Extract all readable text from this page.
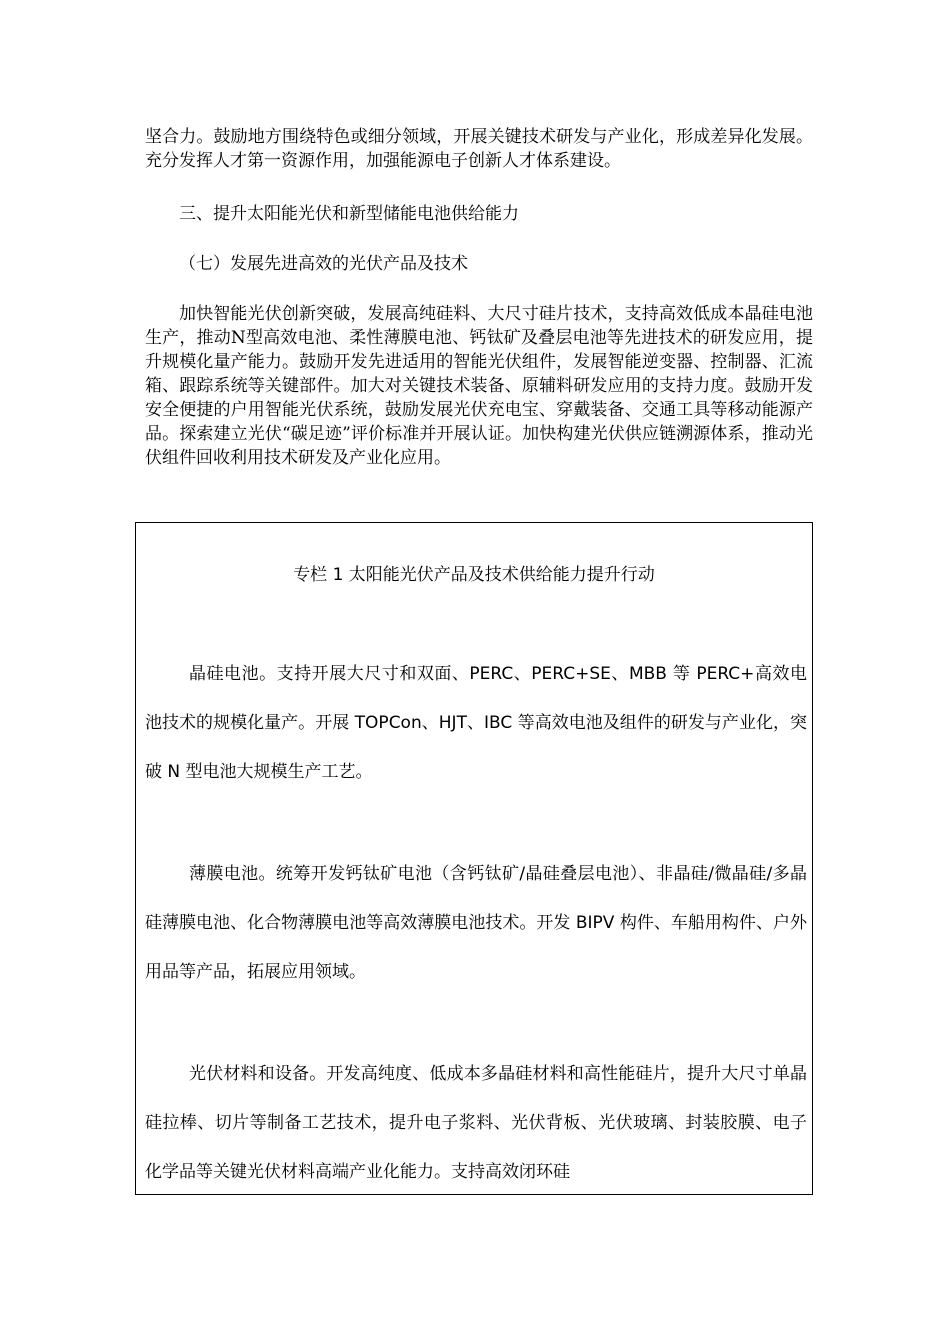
坚合力。鼓励地方围绕特色或细分领域，开展关键技术研发与产业化，形成差异化发展。充分发挥人才第一资源作用，加强能源电子创新人才体系建设。

三、提升太阳能光伏和新型储能电池供给能力

（七）发展先进高效的光伏产品及技术

加快智能光伏创新突破，发展高纯硅料、大尺寸硅片技术，支持高效低成本晶硅电池生产，推动N型高效电池、柔性薄膜电池、钙钛矿及叠层电池等先进技术的研发应用，提升规模化量产能力。鼓励开发先进适用的智能光伏组件，发展智能逆变器、控制器、汇流箱、跟踪系统等关键部件。加大对关键技术装备、原辅料研发应用的支持力度。鼓励开发安全便捷的户用智能光伏系统，鼓励发展光伏充电宝、穿戴装备、交通工具等移动能源产品。探索建立光伏“碳足迹”评价标准并开展认证。加快构建光伏供应链溯源体系，推动光伏组件回收利用技术研发及产业化应用。

专栏 1 太阳能光伏产品及技术供给能力提升行动

晶硅电池。支持开展大尺寸和双面、PERC、PERC+SE、MBB 等 PERC+高效电池技术的规模化量产。开展 TOPCon、HJT、IBC 等高效电池及组件的研发与产业化，突破 N 型电池大规模生产工艺。

薄膜电池。统筹开发钙钛矿电池（含钙钛矿/晶硅叠层电池）、非晶硅/微晶硅/多晶硅薄膜电池、化合物薄膜电池等高效薄膜电池技术。开发 BIPV 构件、车船用构件、户外用品等产品，拓展应用领域。

光伏材料和设备。开发高纯度、低成本多晶硅材料和高性能硅片，提升大尺寸单晶硅拉棒、切片等制备工艺技术，提升电子浆料、光伏背板、光伏玻璃、封装胶膜、电子化学品等关键光伏材料高端产业化能力。支持高效闭环硅
